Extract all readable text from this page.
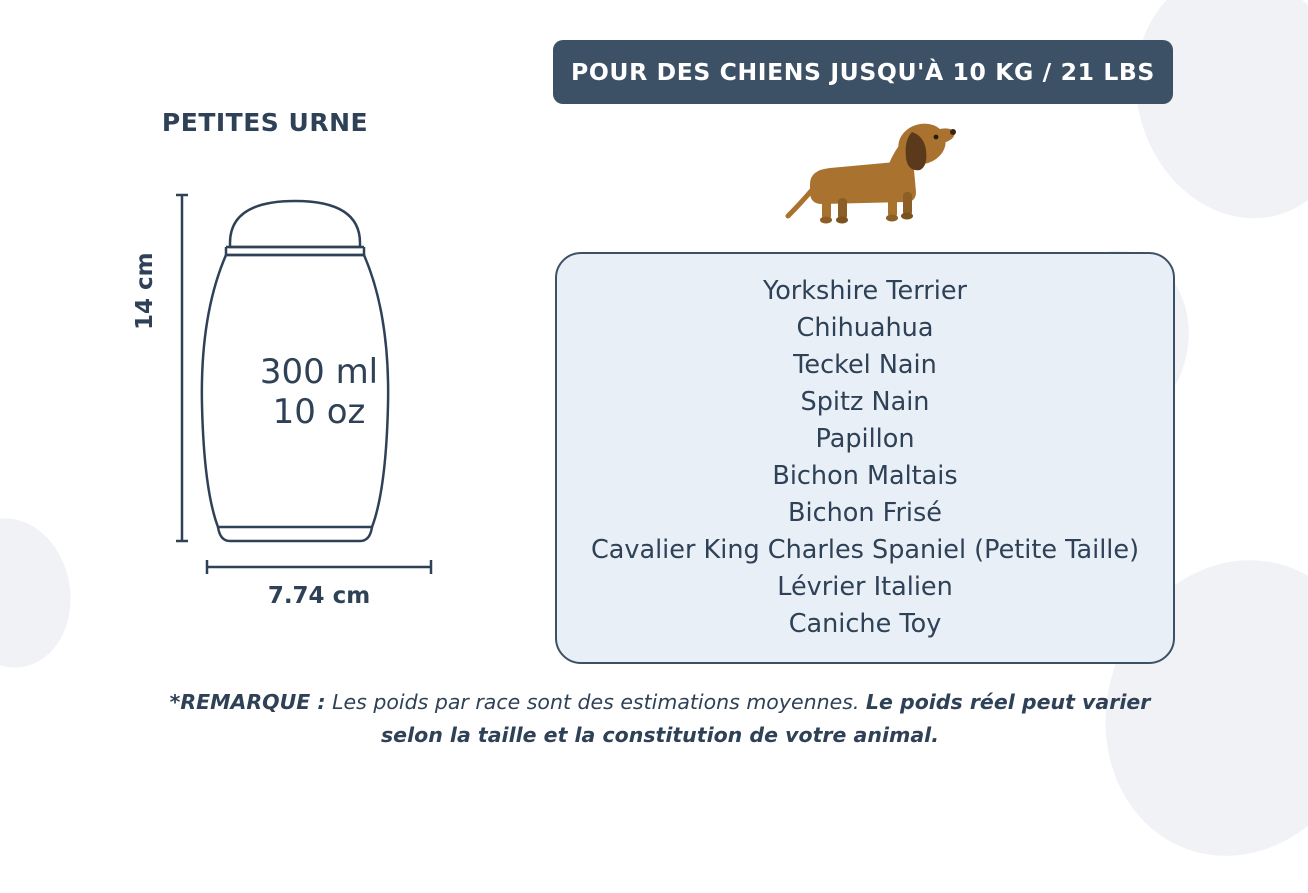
PETITES URNE
14 cm
300 ml
10 oz
7.74 cm
POUR DES CHIENS JUSQU'À 10 KG / 21 LBS
Yorkshire Terrier
Chihuahua
Teckel Nain
Spitz Nain
Papillon
Bichon Maltais
Bichon Frisé
Cavalier King Charles Spaniel (Petite Taille)
Lévrier Italien
Caniche Toy
*REMARQUE : Les poids par race sont des estimations moyennes. Le poids réel peut varier selon la taille et la constitution de votre animal.
